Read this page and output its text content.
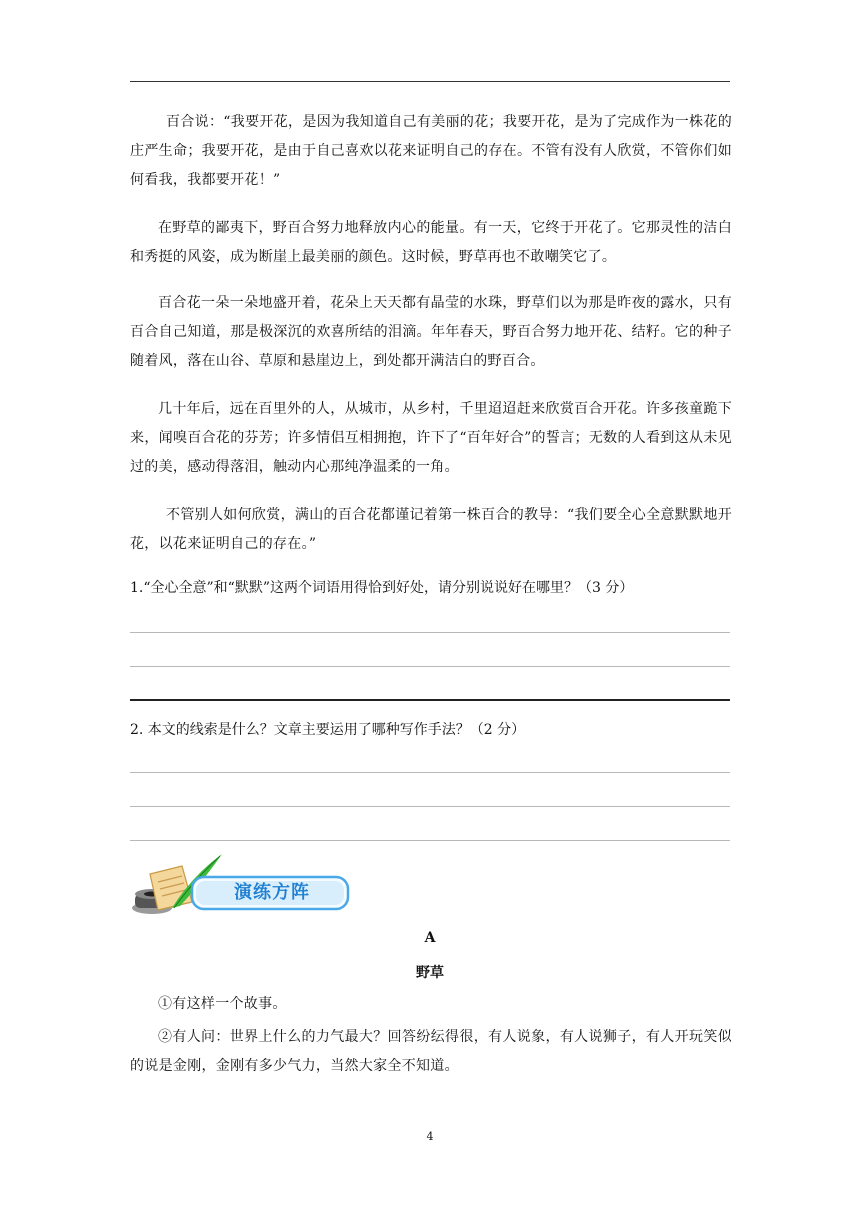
百合说：“我要开花，是因为我知道自己有美丽的花；我要开花，是为了完成作为一株花的庄严生命；我要开花，是由于自己喜欢以花来证明自己的存在。不管有没有人欣赏，不管你们如何看我，我都要开花！”

在野草的鄙夷下，野百合努力地释放内心的能量。有一天，它终于开花了。它那灵性的洁白和秀挺的风姿，成为断崖上最美丽的颜色。这时候，野草再也不敢嘲笑它了。

百合花一朵一朵地盛开着，花朵上天天都有晶莹的水珠，野草们以为那是昨夜的露水，只有百合自己知道，那是极深沉的欢喜所结的泪滴。年年春天，野百合努力地开花、结籽。它的种子随着风，落在山谷、草原和悬崖边上，到处都开满洁白的野百合。

几十年后，远在百里外的人，从城市，从乡村，千里迢迢赶来欣赏百合开花。许多孩童跪下来，闻嗅百合花的芬芳；许多情侣互相拥抱，许下了“百年好合”的誓言；无数的人看到这从未见过的美，感动得落泪，触动内心那纯净温柔的一角。

不管别人如何欣赏，满山的百合花都谨记着第一株百合的教导：“我们要全心全意默默地开花，以花来证明自己的存在。”

1.“全心全意”和“默默”这两个词语用得恰到好处，请分别说说好在哪里？（3 分）

2. 本文的线索是什么？文章主要运用了哪种写作手法？（2 分）

演练方阵

A

野草

①有这样一个故事。

②有人问：世界上什么的力气最大？回答纷纭得很，有人说象，有人说狮子，有人开玩笑似的说是金刚，金刚有多少气力，当然大家全不知道。

4
